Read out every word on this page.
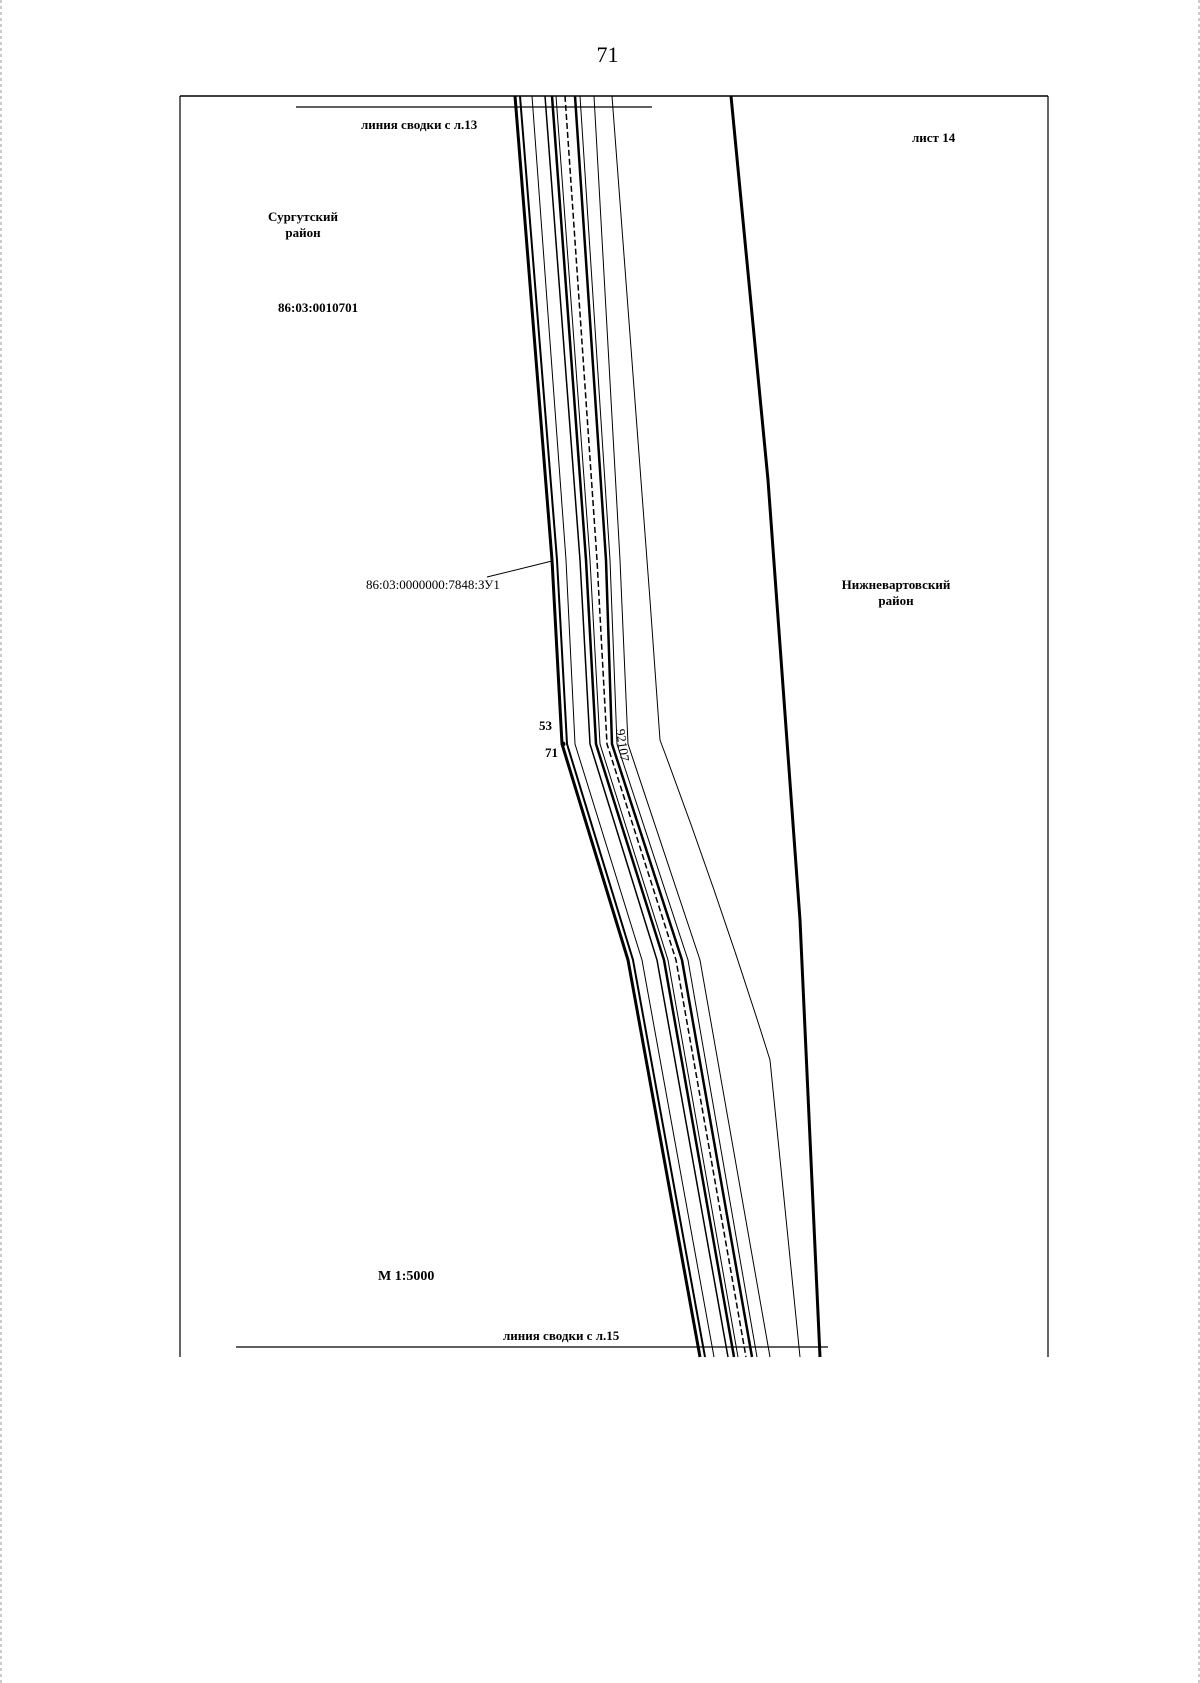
71
линия сводки с л.13
лист 14
Сургутский
район
86:03:0010701
86:03:0000000:7848:ЗУ1	Нижневартовский
район
53
71	92107
М 1:5000
линия сводки с л.15
